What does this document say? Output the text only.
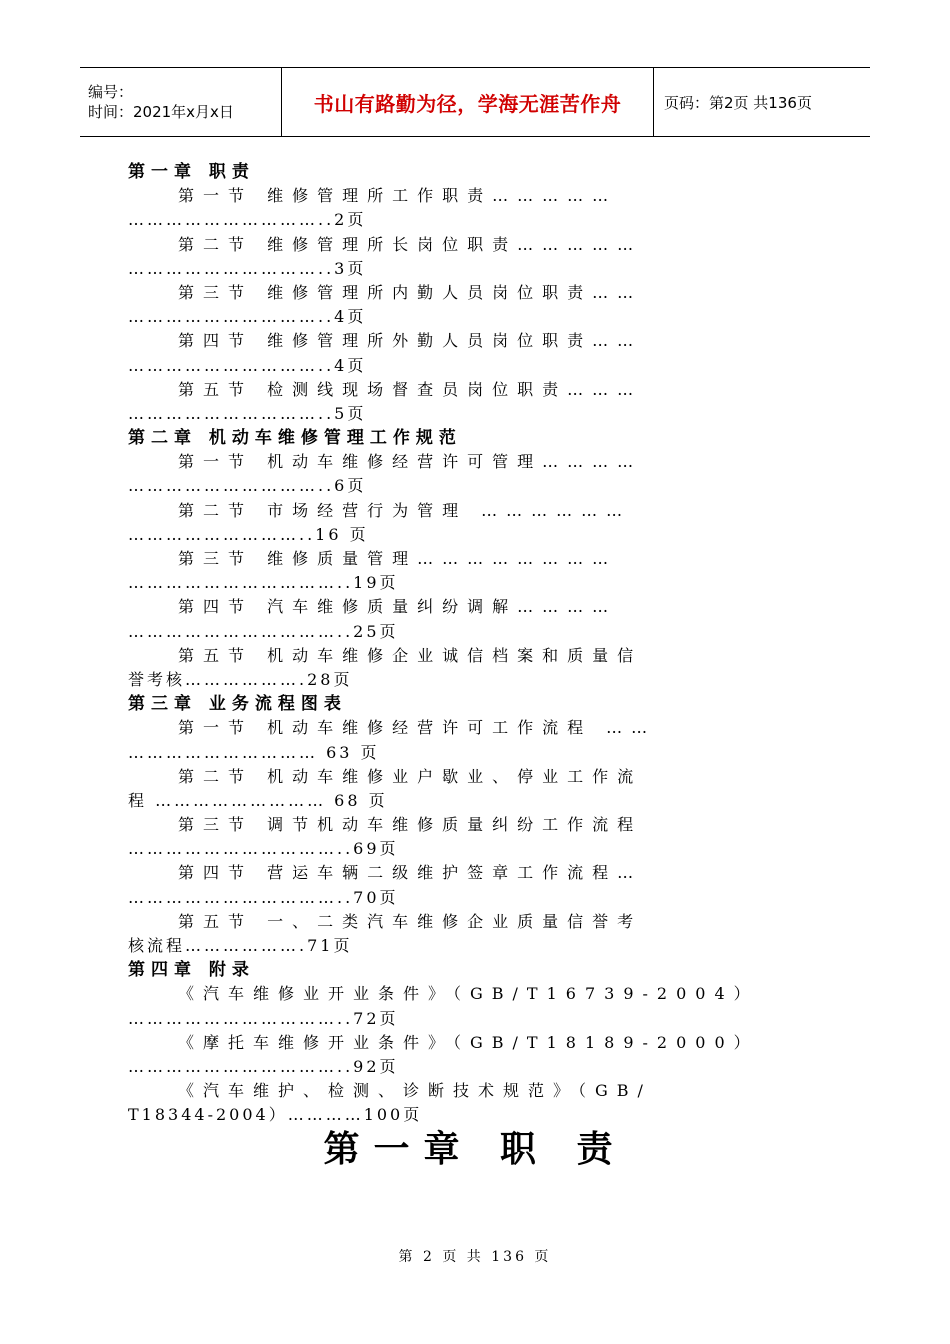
编号：
时间：2021年x月x日	书山有路勤为径，学海无涯苦作舟	页码：第2页 共136页
第一章 职责
第一节 维修管理所工作职责……………
…………………………..2页
第二节 维修管理所长岗位职责……………
…………………………..3页
第三节 维修管理所内勤人员岗位职责……
…………………………..4页
第四节 维修管理所外勤人员岗位职责……
…………………………..4页
第五节 检测线现场督查员岗位职责………
…………………………..5页
第二章 机动车维修管理工作规范
第一节 机动车维修经营许可管理…………
…………………………..6页
第二节 市场经营行为管理 ………………
………………………..16 页
第三节 维修质量管理……………………
……………………………..19页
第四节 汽车维修质量纠纷调解…………
……………………………..25页
第五节 机动车维修企业诚信档案和质量信
誉考核……………….28页
第三章 业务流程图表
第一节 机动车维修经营许可工作流程 ……
………………………… 63 页
第二节 机动车维修业户歇业、停业工作流
程 ……………………… 68 页
第三节 调节机动车维修质量纠纷工作流程
……………………………..69页
第四节 营运车辆二级维护签章工作流程…
……………………………..70页
第五节 一、二类汽车维修企业质量信誉考
核流程……………….71页
第四章 附录
《汽车维修业开业条件》（GB/T16739-2004）
……………………………..72页
《摩托车维修开业条件》（GB/T18189-2000）
……………………………..92页
《汽车维护、检测、诊断技术规范》（GB/
T18344-2004）…………100页
第一章 职 责
第 2 页 共 136 页
